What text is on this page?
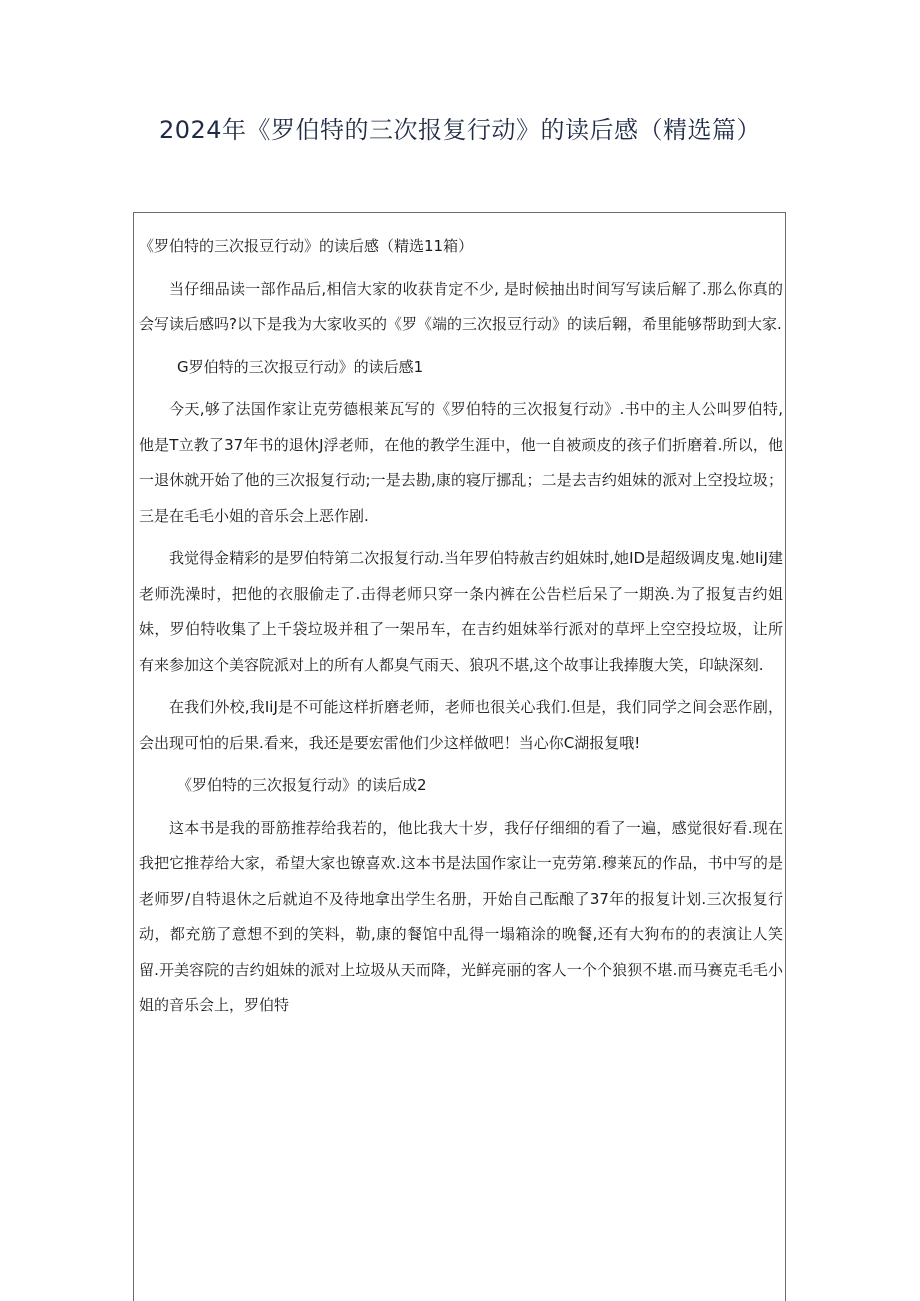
2024年《罗伯特的三次报复行动》的读后感（精选篇）

《罗伯特的三次报豆行动》的读后感（精选11箱）

当仔细品读一部作品后,相信大家的收获肯定不少, 是时候抽出时间写写读后解了.那么你真的会写读后感吗?以下是我为大家收买的《罗《端的三次报豆行动》的读后翱，希里能够帮助到大家.

G罗伯特的三次报豆行动》的读后感1

今天,够了法国作家让克劳德根莱瓦写的《罗伯特的三次报复行动》.书中的主人公叫罗伯特,他是T立教了37年书的退休J浮老师，在他的教学生涯中，他一自被顽皮的孩子们折磨着.所以，他一退休就开始了他的三次报复行动;一是去勘,康的寝厅挪乱；二是去吉约姐妹的派对上空投垃圾；三是在毛毛小姐的音乐会上恶作剧.

我觉得金精彩的是罗伯特第二次报复行动.当年罗伯特赦吉约姐妹时,她ID是超级调皮鬼.她IiJ建老师洗澡时，把他的衣服偷走了.击得老师只穿一条内裤在公告栏后呆了一期涣.为了报复吉约姐妹，罗伯特收集了上千袋垃圾并租了一架吊车，在吉约姐妹举行派对的草坪上空空投垃圾，让所有来参加这个美容院派对上的所有人都臭气雨天、狼巩不堪,这个故事让我捧腹大笑，印缺深刻.

在我们外校,我IiJ是不可能这样折磨老师，老师也很关心我们.但是，我们同学之间会恶作剧，会出现可怕的后果.看来，我还是要宏雷他们少这样做吧！当心你C湖报复哦!

《罗伯特的三次报复行动》的读后成2

这本书是我的哥筋推荐给我若的，他比我大十岁，我仔仔细细的看了一遍，感觉很好看.现在我把它推荐给大家，希望大家也镣喜欢.这本书是法国作家让一克劳第.穆莱瓦的作品，书中写的是老师罗/自特退休之后就迫不及待地拿出学生名册，开始自己酝酿了37年的报复计划.三次报复行动，都充筋了意想不到的笑料，勒,康的餐馆中乱得一塌箱涂的晚餐,还有大狗布的的表演让人笑留.开美容院的吉约姐妹的派对上垃圾从天而降，光鲜亮丽的客人一个个狼狈不堪.而马赛克毛毛小姐的音乐会上，罗伯特
